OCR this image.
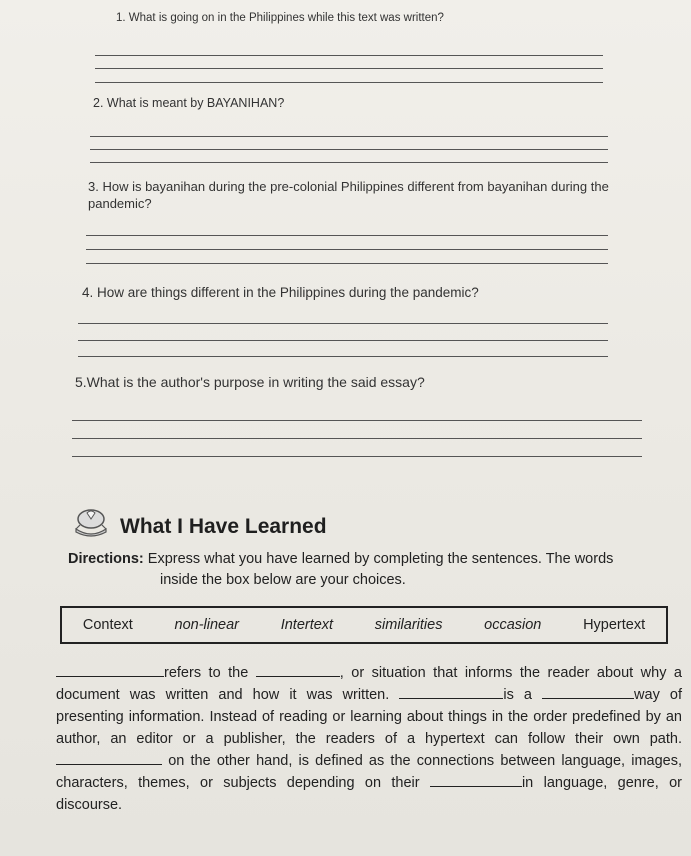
1. What is going on in the Philippines while this text was written?
2. What is meant by BAYANIHAN?
3. How is bayanihan during the pre-colonial Philippines different from bayanihan during the pandemic?
4. How are things different in the Philippines during the pandemic?
5.What is the author's purpose in writing the said essay?
What I Have Learned
Directions: Express what you have learned by completing the sentences. The words
inside the box below are your choices.
Context	non-linear	Intertext	similarities	occasion	Hypertext
refers to the	, or situation that informs the reader about why a document was written and how it was written.	is a	way of presenting information. Instead of reading or learning about things in the order predefined by an author, an editor or a publisher, the readers of a hypertext can follow their own path.  on the other hand, is defined as the connections between language, images, characters, themes, or subjects depending on their	in language, genre, or discourse.
